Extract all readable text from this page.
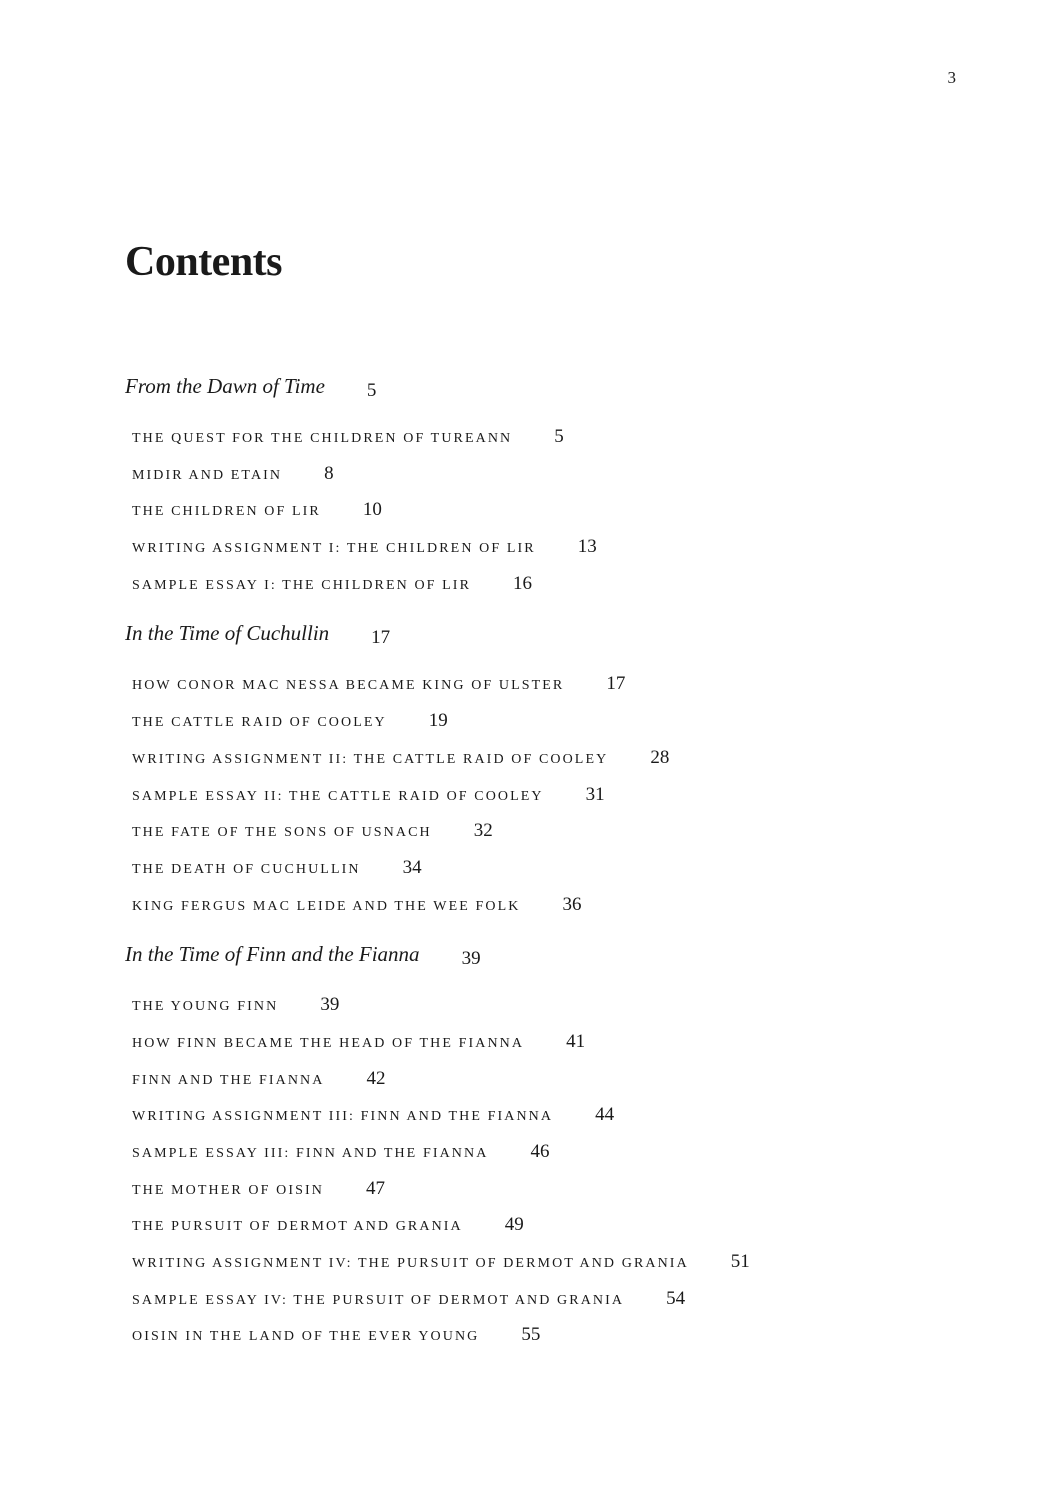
3
Contents
From the Dawn of Time 5
THE QUEST FOR THE CHILDREN OF TUREANN 5
MIDIR AND ETAIN 8
THE CHILDREN OF LIR 10
WRITING ASSIGNMENT I: THE CHILDREN OF LIR 13
SAMPLE ESSAY I: THE CHILDREN OF LIR 16
In the Time of Cuchullin 17
HOW CONOR MAC NESSA BECAME KING OF ULSTER 17
THE CATTLE RAID OF COOLEY 19
WRITING ASSIGNMENT II: THE CATTLE RAID OF COOLEY 28
SAMPLE ESSAY II: THE CATTLE RAID OF COOLEY 31
THE FATE OF THE SONS OF USNACH 32
THE DEATH OF CUCHULLIN 34
KING FERGUS MAC LEIDE AND THE WEE FOLK 36
In the Time of Finn and the Fianna 39
THE YOUNG FINN 39
HOW FINN BECAME THE HEAD OF THE FIANNA 41
FINN AND THE FIANNA 42
WRITING ASSIGNMENT III: FINN AND THE FIANNA 44
SAMPLE ESSAY III: FINN AND THE FIANNA 46
THE MOTHER OF OISIN 47
THE PURSUIT OF DERMOT AND GRANIA 49
WRITING ASSIGNMENT IV: THE PURSUIT OF DERMOT AND GRANIA 51
SAMPLE ESSAY IV: THE PURSUIT OF DERMOT AND GRANIA 54
OISIN IN THE LAND OF THE EVER YOUNG 55
